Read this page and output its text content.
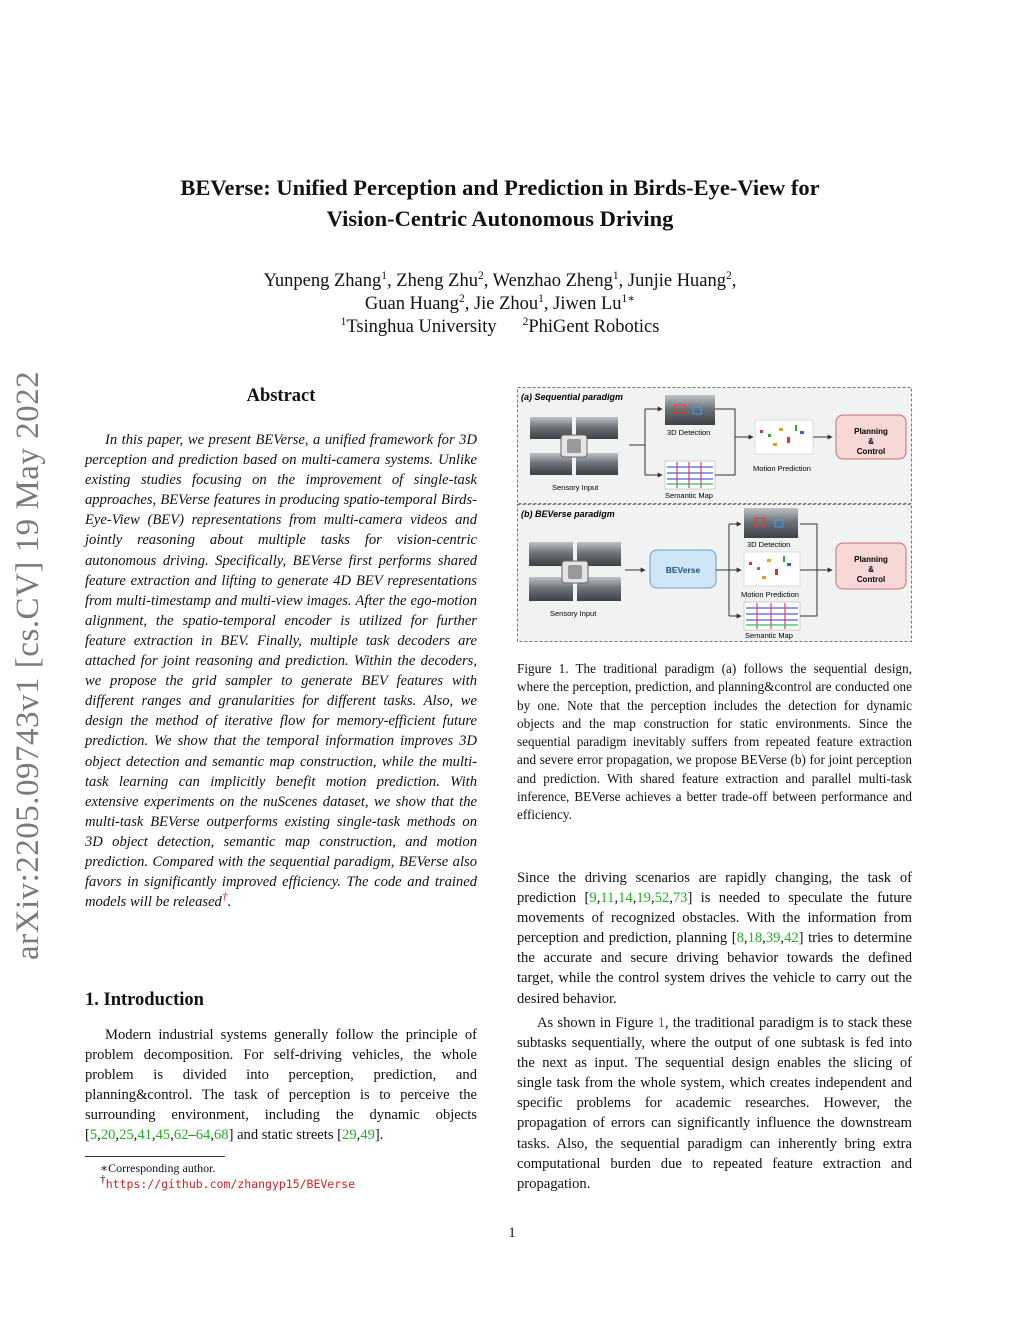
arXiv:2205.09743v1 [cs.CV] 19 May 2022
BEVerse: Unified Perception and Prediction in Birds-Eye-View for
Vision-Centric Autonomous Driving
Yunpeng Zhang$^1$, Zheng Zhu$^2$, Wenzhao Zheng$^1$, Junjie Huang$^2$,
Guan Huang$^2$, Jie Zhou$^1$, Jiwen $Lu^{1∗}$
$^1$Tsinghua University $^2$PhiGent Robotics
Abstract
In this paper, we present BEVerse, a unified framework for 3D perception and prediction based on multi-camera systems. Unlike existing studies focusing on the improvement of single-task approaches, BEVerse features in producing spatio-temporal Birds-Eye-View (BEV) representations from multi-camera videos and jointly reasoning about multiple tasks for vision-centric autonomous driving. Specifically, BEVerse first performs shared feature extraction and lifting to generate 4D BEV representations from multi-timestamp and multi-view images. After the ego-motion alignment, the spatio-temporal encoder is utilized for further feature extraction in BEV. Finally, multiple task decoders are attached for joint reasoning and prediction. Within the decoders, we propose the grid sampler to generate BEV features with different ranges and granularities for different tasks. Also, we design the method of iterative flow for memory-efficient future prediction. We show that the temporal information improves 3D object detection and semantic map construction, while the multi-task learning can implicitly benefit motion prediction. With extensive experiments on the nuScenes dataset, we show that the multi-task BEVerse outperforms existing single-task methods on 3D object detection, semantic map construction, and motion prediction. Compared with the sequential paradigm, BEVerse also favors in significantly improved efficiency. The code and trained models will be released†.
1. Introduction
Modern industrial systems generally follow the principle of problem decomposition. For self-driving vehicles, the whole problem is divided into perception, prediction, and planning&control. The task of perception is to perceive the surrounding environment, including the dynamic objects [5,20,25,41,45,62–64,68] and static streets [29,49].
∗Corresponding author.
†https://github.com/zhangyp15/BEVerse
(a) Sequential paradigm
Sensory Input
3D Detection
Semantic Map
Motion Prediction
Planning
&
Control
(b) BEVerse paradigm
Sensory Input
BEVerse
3D Detection
Motion Prediction
Semantic Map
Planning
&
Control
Figure 1. The traditional paradigm (a) follows the sequential design, where the perception, prediction, and planning&control are conducted one by one. Note that the perception includes the detection for dynamic objects and the map construction for static environments. Since the sequential paradigm inevitably suffers from repeated feature extraction and severe error propagation, we propose BEVerse (b) for joint perception and prediction. With shared feature extraction and parallel multi-task inference, BEVerse achieves a better trade-off between performance and efficiency.
Since the driving scenarios are rapidly changing, the task of prediction [9,11,14,19,52,73] is needed to speculate the future movements of recognized obstacles. With the information from perception and prediction, planning [8,18,39,42] tries to determine the accurate and secure driving behavior towards the defined target, while the control system drives the vehicle to carry out the desired behavior.
As shown in Figure 1, the traditional paradigm is to stack these subtasks sequentially, where the output of one subtask is fed into the next as input. The sequential design enables the slicing of single task from the whole system, which creates independent and specific problems for academic researches. However, the propagation of errors can significantly influence the downstream tasks. Also, the sequential paradigm can inherently bring extra computational burden due to repeated feature extraction and propagation.
1
